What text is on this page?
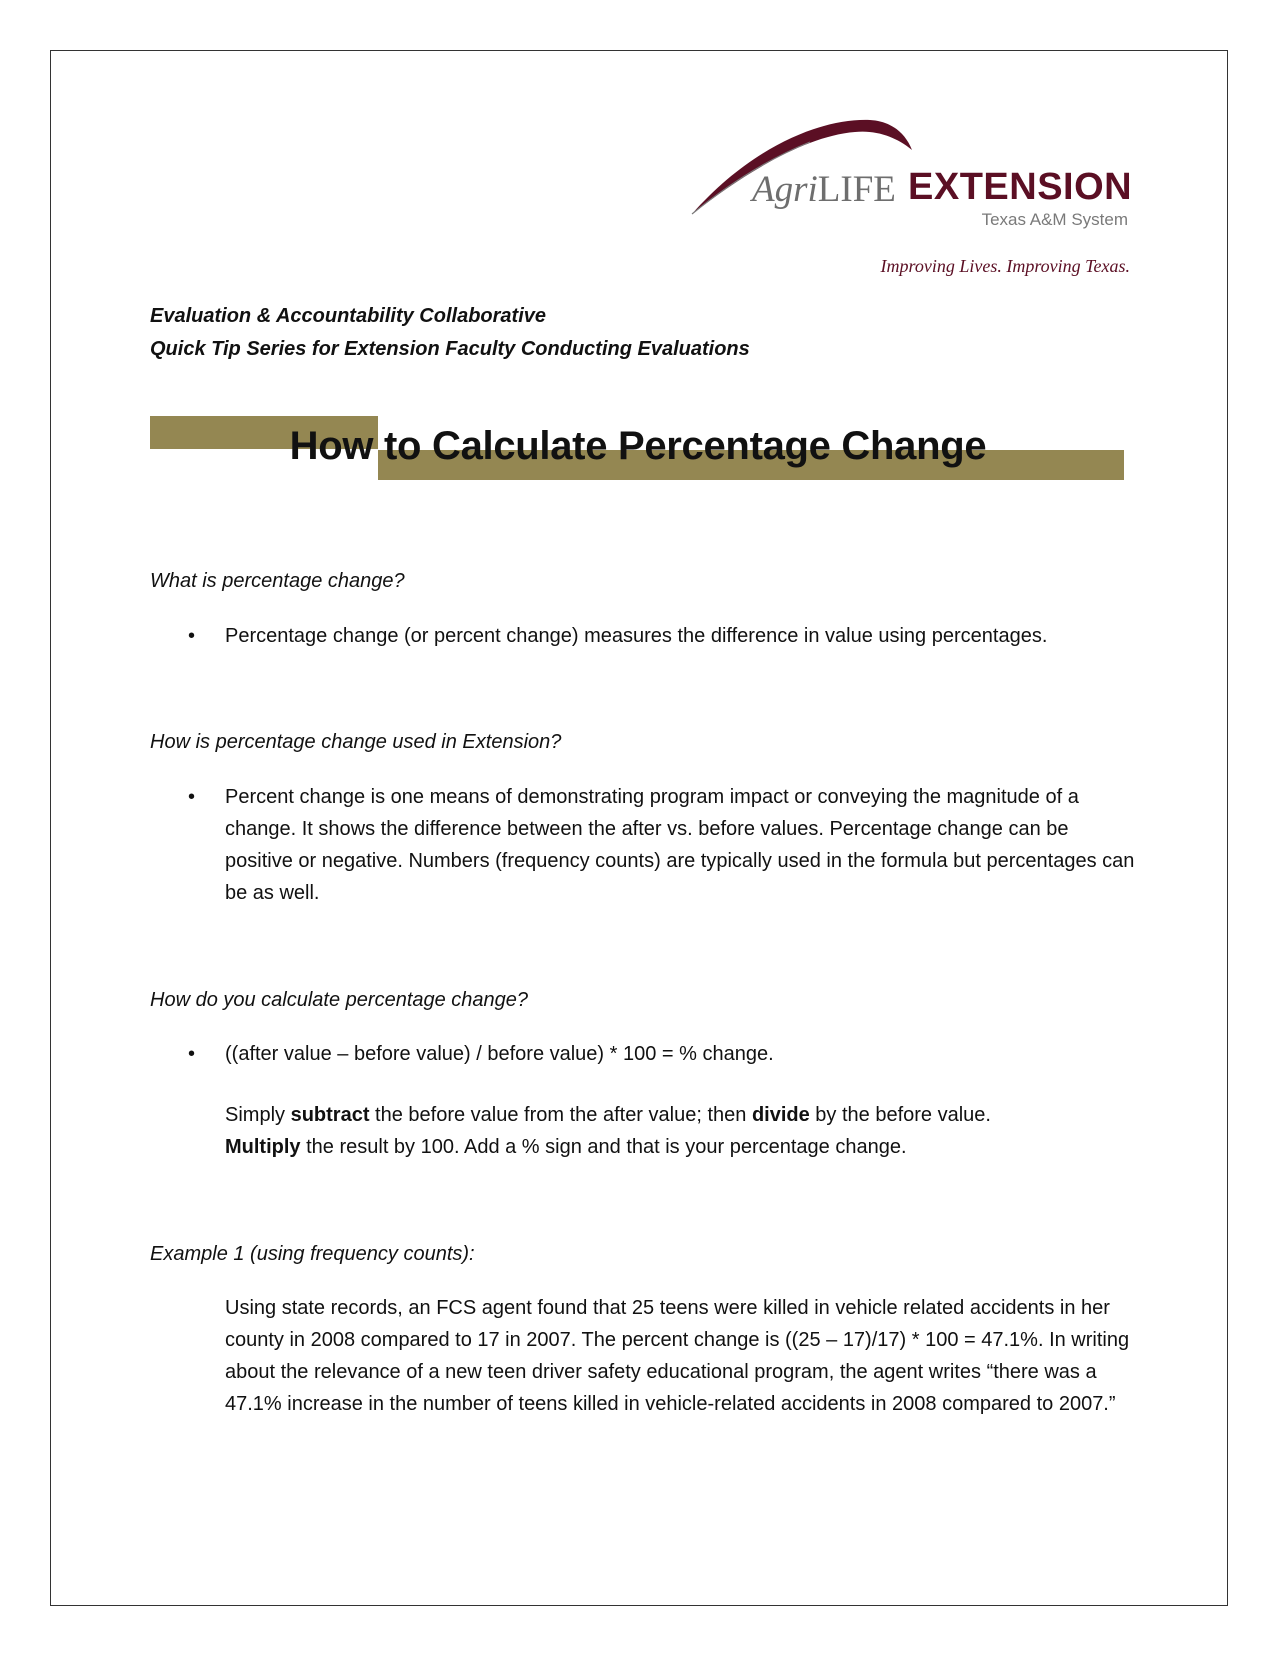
AgriLIFE EXTENSION
Texas A&M System
Improving Lives. Improving Texas.
Evaluation & Accountability Collaborative
Quick Tip Series for Extension Faculty Conducting Evaluations
How to Calculate Percentage Change
What is percentage change?
• Percentage change (or percent change) measures the difference in value using percentages.
How is percentage change used in Extension?
• Percent change is one means of demonstrating program impact or conveying the magnitude of a change. It shows the difference between the after vs. before values. Percentage change can be positive or negative. Numbers (frequency counts) are typically used in the formula but percentages can be as well.
How do you calculate percentage change?
• ((after value – before value) / before value) * 100 = % change.
Simply subtract the before value from the after value; then divide by the before value.
Multiply the result by 100. Add a % sign and that is your percentage change.
Example 1 (using frequency counts):
Using state records, an FCS agent found that 25 teens were killed in vehicle related accidents in her county in 2008 compared to 17 in 2007. The percent change is ((25 – 17)/17) * 100 = 47.1%. In writing about the relevance of a new teen driver safety educational program, the agent writes “there was a 47.1% increase in the number of teens killed in vehicle-related accidents in 2008 compared to 2007.”
